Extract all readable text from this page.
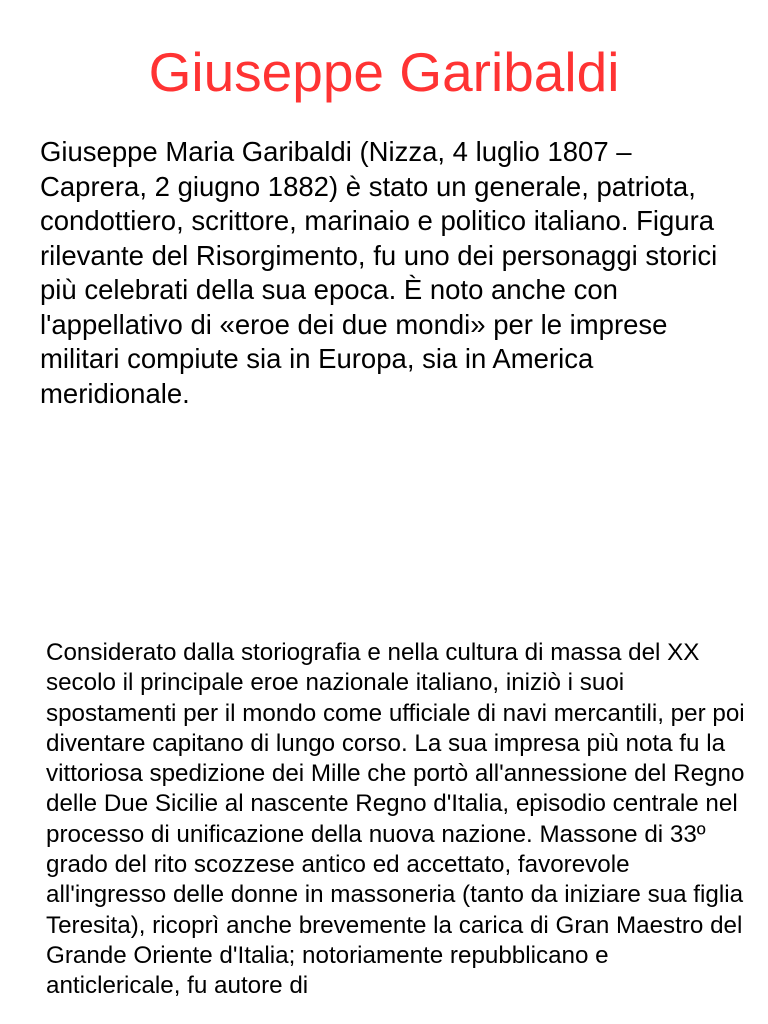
Giuseppe Garibaldi

Giuseppe Maria Garibaldi (Nizza, 4 luglio 1807 – Caprera, 2 giugno 1882) è stato un generale, patriota, condottiero, scrittore, marinaio e politico italiano. Figura rilevante del Risorgimento, fu uno dei personaggi storici più celebrati della sua epoca. È noto anche con l'appellativo di «eroe dei due mondi» per le imprese militari compiute sia in Europa, sia in America meridionale.

Considerato dalla storiografia e nella cultura di massa del XX secolo il principale eroe nazionale italiano, iniziò i suoi spostamenti per il mondo come ufficiale di navi mercantili, per poi diventare capitano di lungo corso. La sua impresa più nota fu la vittoriosa spedizione dei Mille che portò all'annessione del Regno delle Due Sicilie al nascente Regno d'Italia, episodio centrale nel processo di unificazione della nuova nazione. Massone di 33º grado del rito scozzese antico ed accettato, favorevole all'ingresso delle donne in massoneria (tanto da iniziare sua figlia Teresita), ricoprì anche brevemente la carica di Gran Maestro del Grande Oriente d'Italia; notoriamente repubblicano e anticlericale, fu autore di
